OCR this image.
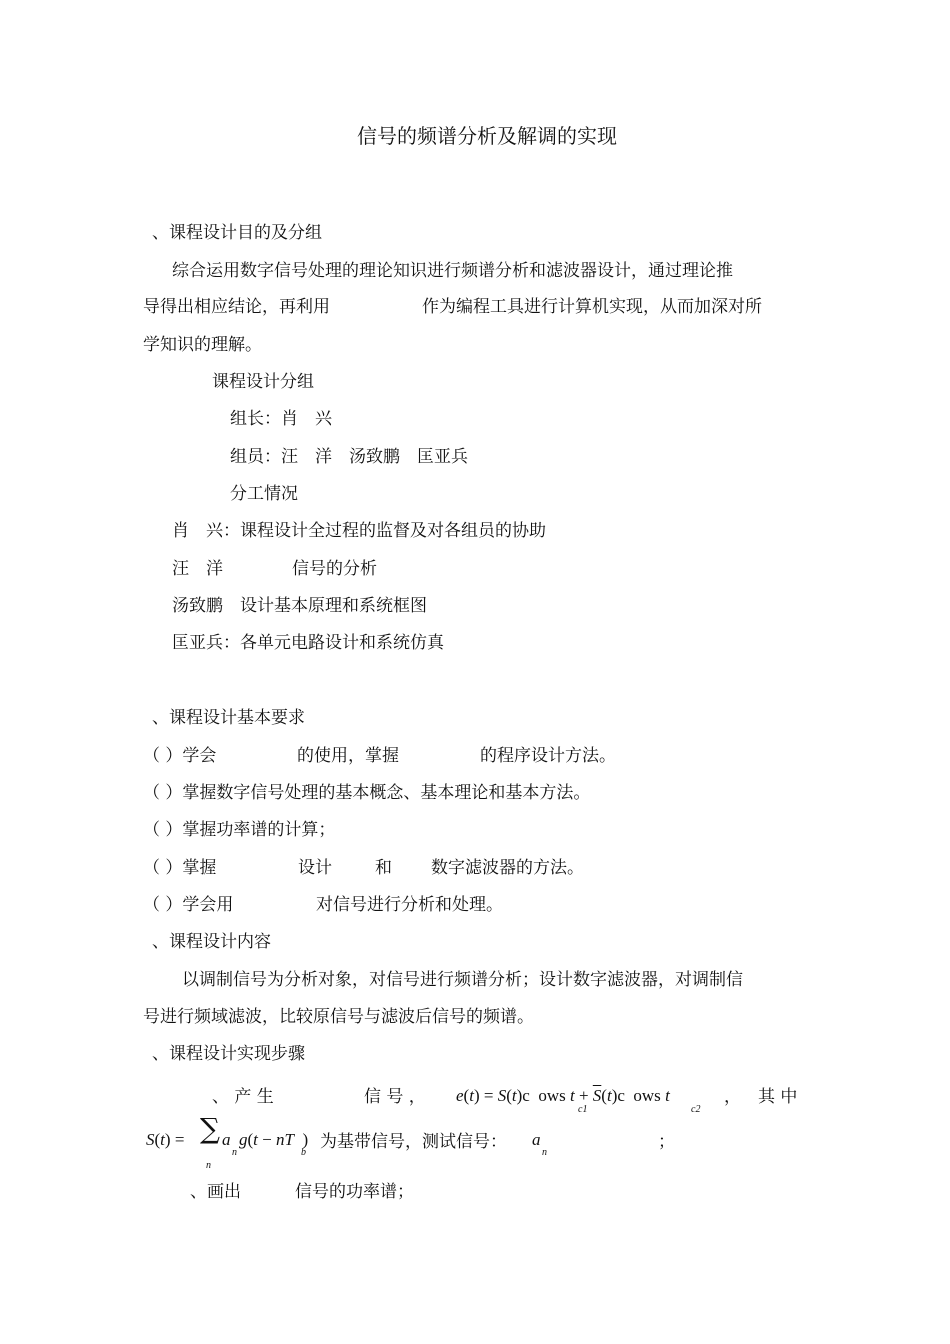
信号的频谱分析及解调的实现
、课程设计目的及分组
综合运用数字信号处理的理论知识进行频谱分析和滤波器设计，通过理论推
导得出相应结论，再利用	作为编程工具进行计算机实现，从而加深对所
学知识的理解。
课程设计分组
组长：肖　兴
组员：汪　洋　汤致鹏　匡亚兵
分工情况
肖　兴：课程设计全过程的监督及对各组员的协助
汪　洋	信号的分析
汤致鹏　设计基本原理和系统框图
匡亚兵：各单元电路设计和系统仿真
、课程设计基本要求
（ ）学会	的使用，掌握	的程序设计方法。
（ ）掌握数字信号处理的基本概念、基本理论和基本方法。
（ ）掌握功率谱的计算；
（ ）掌握	设计	和 数字滤波器的方法。
（ ）学会用	对信号进行分析和处理。
、课程设计内容
以调制信号为分析对象，对信号进行频谱分析；设计数字滤波器，对调制信
号进行频域滤波，比较原信号与滤波后信号的频谱。
、课程设计实现步骤
、 产 生	信 号 ， e(t) = S(t)c  ows $t + \overline{S}(t)c$  ows t
c1	c2
， 其 中
S(t) = ∑
n
a g(t − nT  )
n	b
为基带信号，测试信号： a
n
；
、画出	信号的功率谱；
